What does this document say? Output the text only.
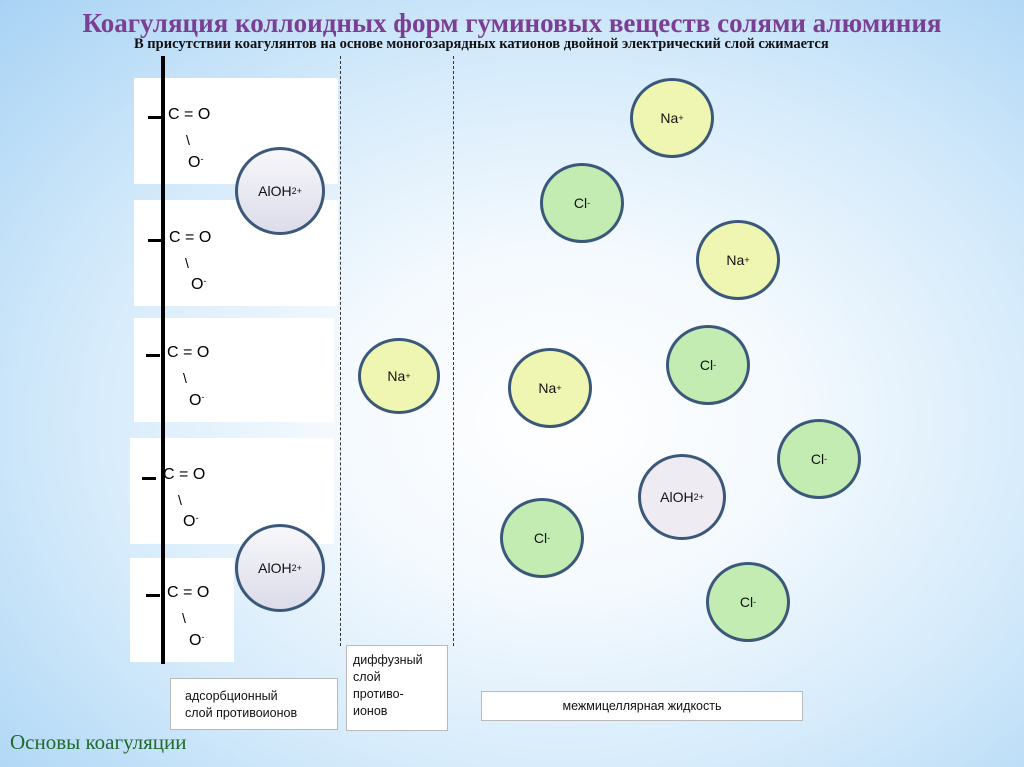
Коагуляция коллоидных форм гуминовых веществ солями алюминия
В присутствии коагулянтов на основе моногозарядных катионов двойной электрический слой сжимается
C = O
\
O-
C = O
\
O-
C = O
\
O-
C = O
\
O-
C = O
\
O-
AlOH 2+
AlOH 2+
Na +
Na +
Cl -
Na +
Cl -
Na +
Cl -
AlOH 2+
Cl -
Cl -
адсорбционный
слой противоионов
диффузный
слой
противо-
ионов	межмицеллярная жидкость
Основы коагуляции
